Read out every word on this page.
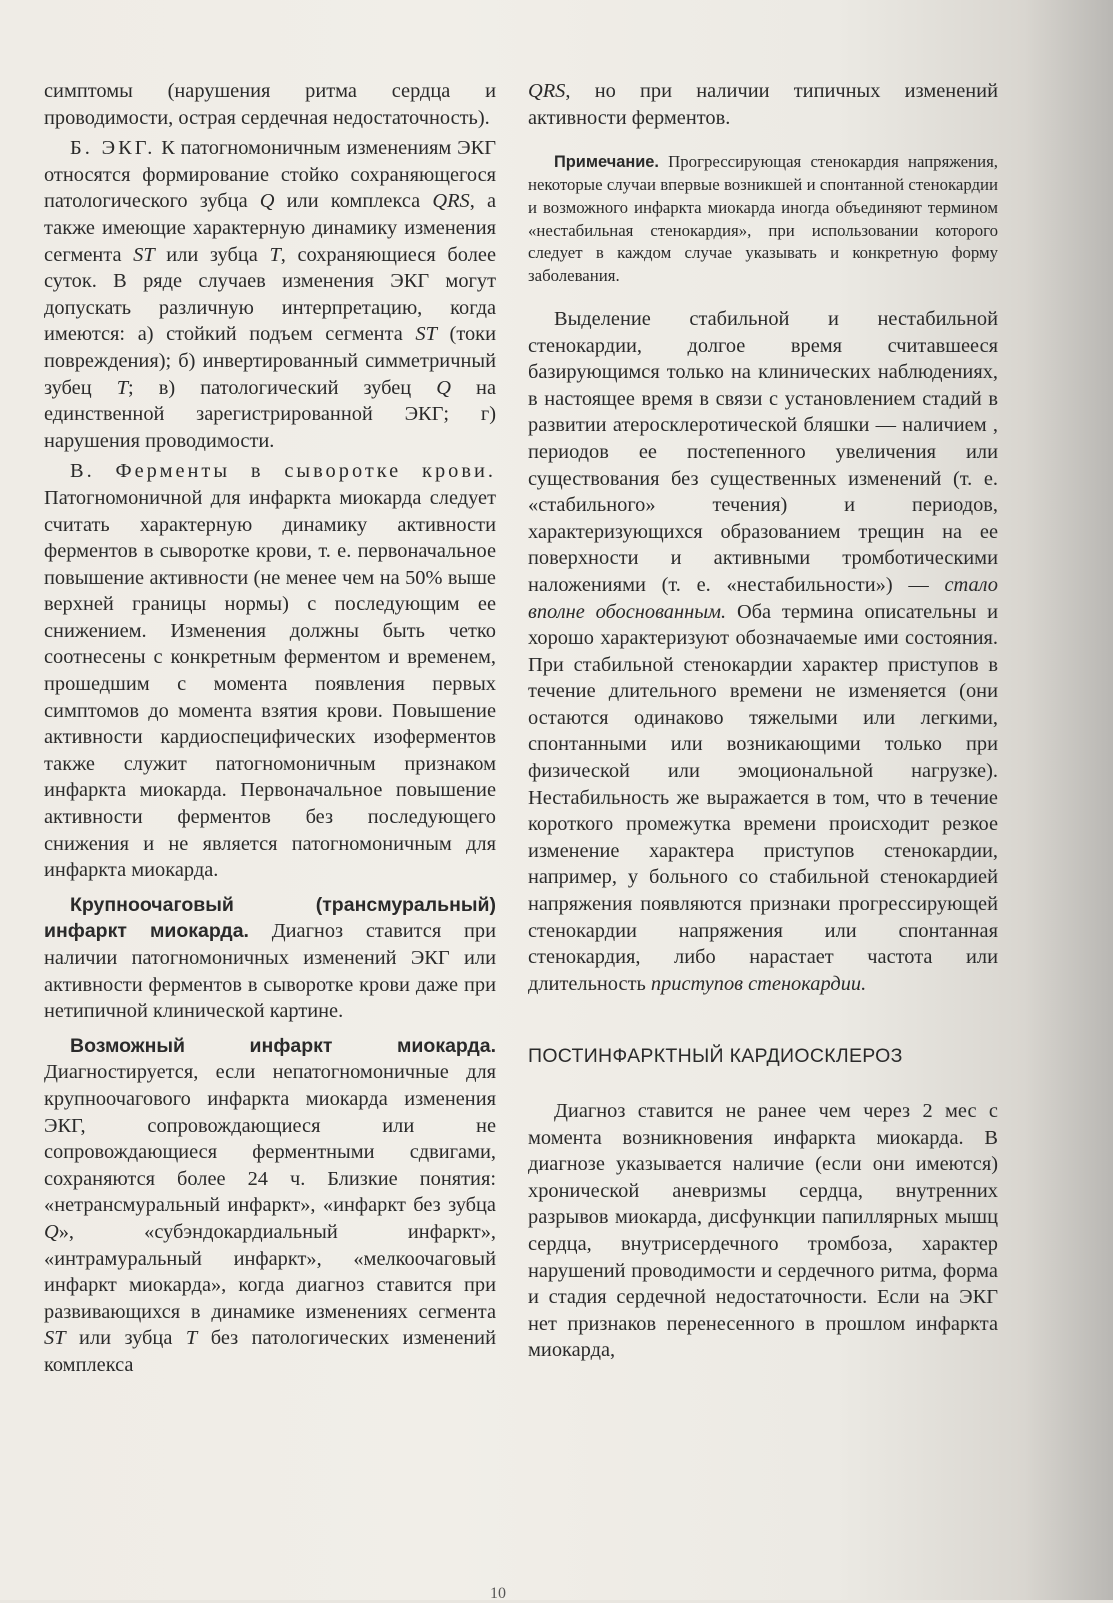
симптомы (нарушения ритма сердца и проводимости, острая сердечная недостаточность).

Б. ЭКГ. К патогномоничным изменениям ЭКГ относятся формирование стойко сохраняющегося патологического зубца Q или комплекса QRS, а также имеющие характерную динамику изменения сегмента ST или зубца T, сохраняющиеся более суток. В ряде случаев изменения ЭКГ могут допускать различную интерпретацию, когда имеются: а) стойкий подъем сегмента ST (токи повреждения); б) инвертированный симметричный зубец T; в) патологический зубец Q на единственной зарегистрированной ЭКГ; г) нарушения проводимости.

В. Ферменты в сыворотке крови. Патогномоничной для инфаркта миокарда следует считать характерную динамику активности ферментов в сыворотке крови, т. е. первоначальное повышение активности (не менее чем на 50% выше верхней границы нормы) с последующим ее снижением. Изменения должны быть четко соотнесены с конкретным ферментом и временем, прошедшим с момента появления первых симптомов до момента взятия крови. Повышение активности кардиоспецифических изоферментов также служит патогномоничным признаком инфаркта миокарда. Первоначальное повышение активности ферментов без последующего снижения и не является патогномоничным для инфаркта миокарда.

Крупноочаговый (трансмуральный) инфаркт миокарда. Диагноз ставится при наличии патогномоничных изменений ЭКГ или активности ферментов в сыворотке крови даже при нетипичной клинической картине.

Возможный инфаркт миокарда. Диагностируется, если непатогномоничные для крупноочагового инфаркта миокарда изменения ЭКГ, сопровождающиеся или не сопровождающиеся ферментными сдвигами, сохраняются более 24 ч. Близкие понятия: «нетрансмуральный инфаркт», «инфаркт без зубца Q», «субэндокардиальный инфаркт», «интрамуральный инфаркт», «мелкоочаговый инфаркт миокарда», когда диагноз ставится при развивающихся в динамике изменениях сегмента ST или зубца T без патологических изменений комплекса

QRS, но при наличии типичных изменений активности ферментов.

Примечание. Прогрессирующая стенокардия напряжения, некоторые случаи впервые возникшей и спонтанной стенокардии и возможного инфаркта миокарда иногда объединяют термином «нестабильная стенокардия», при использовании которого следует в каждом случае указывать и конкретную форму заболевания.

Выделение стабильной и нестабильной стенокардии, долгое время считавшееся базирующимся только на клинических наблюдениях, в настоящее время в связи с установлением стадий в развитии атеросклеротической бляшки — наличием , периодов ее постепенного увеличения или существования без существенных изменений (т. е. «стабильного» течения) и периодов, характеризующихся образованием трещин на ее поверхности и активными тромботическими наложениями (т. е. «нестабильности») — стало вполне обоснованным. Оба термина описательны и хорошо характеризуют обозначаемые ими состояния. При стабильной стенокардии характер приступов в течение длительного времени не изменяется (они остаются одинаково тяжелыми или легкими, спонтанными или возникающими только при физической или эмоциональной нагрузке). Нестабильность же выражается в том, что в течение короткого промежутка времени происходит резкое изменение характера приступов стенокардии, например, у больного со стабильной стенокардией напряжения появляются признаки прогрессирующей стенокардии напряжения или спонтанная стенокардия, либо нарастает частота или длительность приступов стенокардии.

ПОСТИНФАРКТНЫЙ КАРДИОСКЛЕРОЗ

Диагноз ставится не ранее чем через 2 мес с момента возникновения инфаркта миокарда. В диагнозе указывается наличие (если они имеются) хронической аневризмы сердца, внутренних разрывов миокарда, дисфункции папиллярных мышц сердца, внутрисердечного тромбоза, характер нарушений проводимости и сердечного ритма, форма и стадия сердечной недостаточности. Если на ЭКГ нет признаков перенесенного в прошлом инфаркта миокарда,

10
